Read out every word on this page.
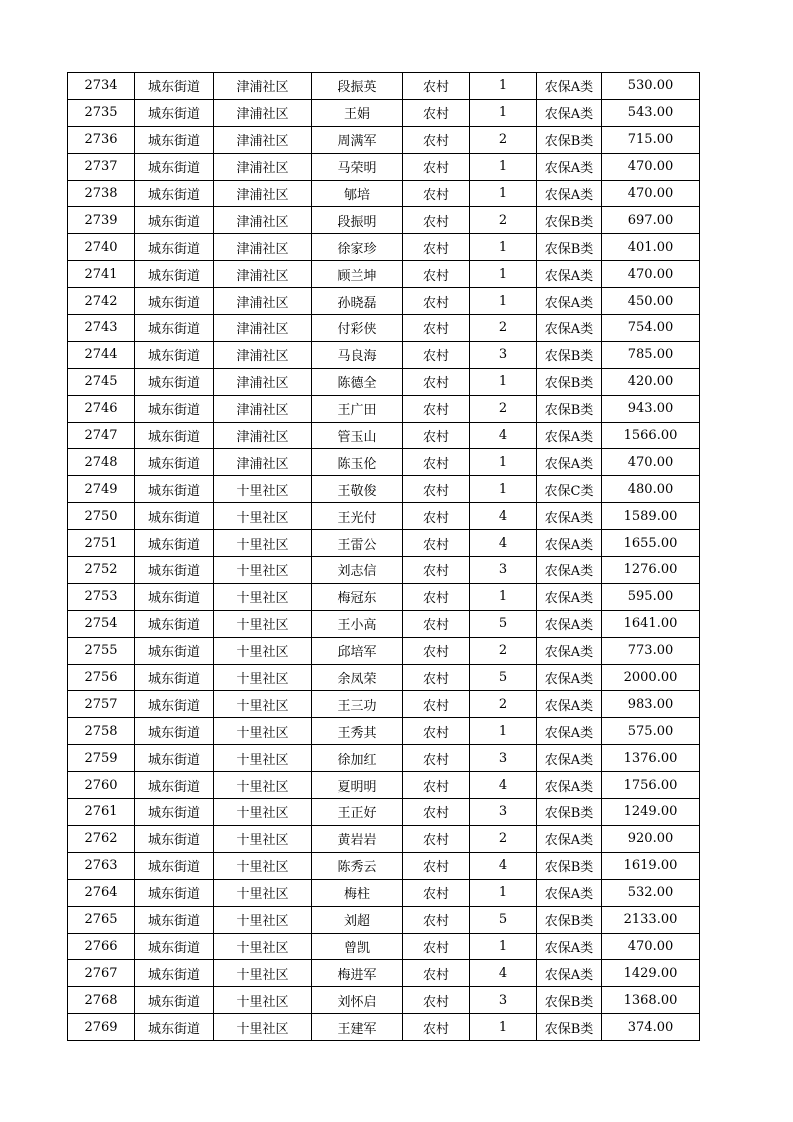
2734	城东街道	津浦社区	段振英	农村	1	农保A类	530.00
2735	城东街道	津浦社区	王娟	农村	1	农保A类	543.00
2736	城东街道	津浦社区	周满军	农村	2	农保B类	715.00
2737	城东街道	津浦社区	马荣明	农村	1	农保A类	470.00
2738	城东街道	津浦社区	郇培	农村	1	农保A类	470.00
2739	城东街道	津浦社区	段振明	农村	2	农保B类	697.00
2740	城东街道	津浦社区	徐家珍	农村	1	农保B类	401.00
2741	城东街道	津浦社区	顾兰坤	农村	1	农保A类	470.00
2742	城东街道	津浦社区	孙晓磊	农村	1	农保A类	450.00
2743	城东街道	津浦社区	付彩侠	农村	2	农保A类	754.00
2744	城东街道	津浦社区	马良海	农村	3	农保B类	785.00
2745	城东街道	津浦社区	陈德全	农村	1	农保B类	420.00
2746	城东街道	津浦社区	王广田	农村	2	农保B类	943.00
2747	城东街道	津浦社区	管玉山	农村	4	农保A类	1566.00
2748	城东街道	津浦社区	陈玉伦	农村	1	农保A类	470.00
2749	城东街道	十里社区	王敬俊	农村	1	农保C类	480.00
2750	城东街道	十里社区	王光付	农村	4	农保A类	1589.00
2751	城东街道	十里社区	王雷公	农村	4	农保A类	1655.00
2752	城东街道	十里社区	刘志信	农村	3	农保A类	1276.00
2753	城东街道	十里社区	梅冠东	农村	1	农保A类	595.00
2754	城东街道	十里社区	王小高	农村	5	农保A类	1641.00
2755	城东街道	十里社区	邱培军	农村	2	农保A类	773.00
2756	城东街道	十里社区	余凤荣	农村	5	农保A类	2000.00
2757	城东街道	十里社区	王三功	农村	2	农保A类	983.00
2758	城东街道	十里社区	王秀其	农村	1	农保A类	575.00
2759	城东街道	十里社区	徐加红	农村	3	农保A类	1376.00
2760	城东街道	十里社区	夏明明	农村	4	农保A类	1756.00
2761	城东街道	十里社区	王正好	农村	3	农保B类	1249.00
2762	城东街道	十里社区	黄岩岩	农村	2	农保A类	920.00
2763	城东街道	十里社区	陈秀云	农村	4	农保B类	1619.00
2764	城东街道	十里社区	梅柱	农村	1	农保A类	532.00
2765	城东街道	十里社区	刘超	农村	5	农保B类	2133.00
2766	城东街道	十里社区	曾凯	农村	1	农保A类	470.00
2767	城东街道	十里社区	梅进军	农村	4	农保A类	1429.00
2768	城东街道	十里社区	刘怀启	农村	3	农保B类	1368.00
2769	城东街道	十里社区	王建军	农村	1	农保B类	374.00
